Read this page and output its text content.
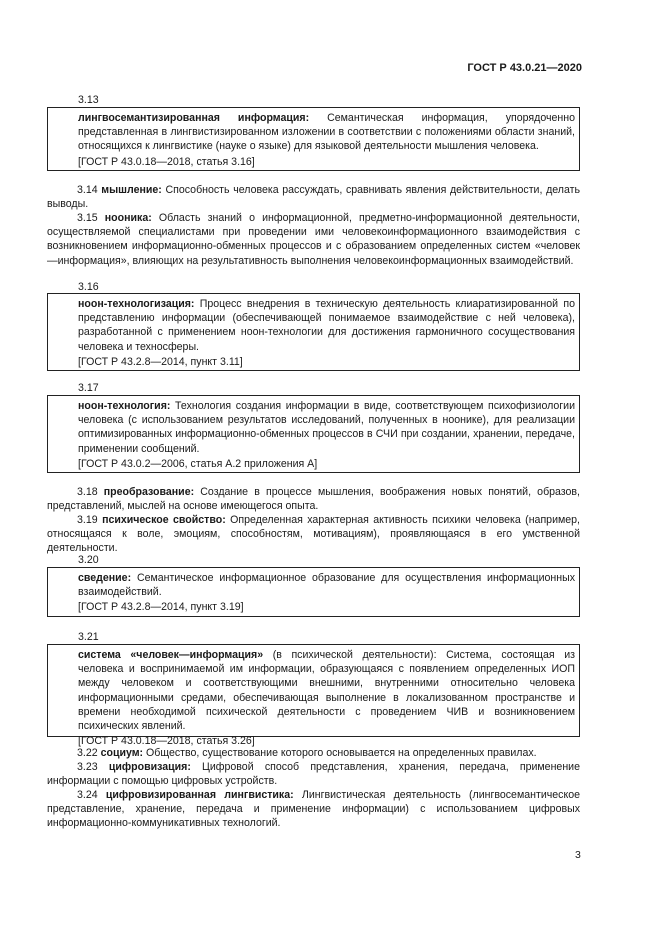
ГОСТ Р 43.0.21—2020
3.13

лингвосемантизированная информация: Семантическая информация, упорядоченно представленная в лингвистизированном изложении в соответствии с положениями области знаний, относящихся к лингвистике (науке о языке) для языковой деятельности мышления человека.

[ГОСТ Р 43.0.18—2018, статья 3.16]

3.14 мышление: Способность человека рассуждать, сравнивать явления действительности, делать выводы.

3.15 нооника: Область знаний о информационной, предметно-информационной деятельности, осуществляемой специалистами при проведении ими человекоинформационного взаимодействия с возникновением информационно-обменных процессов и с образованием определенных систем «человек—информация», влияющих на результативность выполнения человекоинформационных взаимодействий.

3.16

ноон-технологизация: Процесс внедрения в техническую деятельность клиаратизированной по представлению информации (обеспечивающей понимаемое взаимодействие с ней человека), разработанной с применением ноон-технологии для достижения гармоничного сосуществования человека и техносферы.

[ГОСТ Р 43.2.8—2014, пункт 3.11]

3.17

ноон-технология: Технология создания информации в виде, соответствующем психофизиологии человека (с использованием результатов исследований, полученных в ноонике), для реализации оптимизированных информационно-обменных процессов в СЧИ при создании, хранении, передаче, применении сообщений.

[ГОСТ Р 43.0.2—2006, статья А.2 приложения А]

3.18 преобразование: Создание в процессе мышления, воображения новых понятий, образов, представлений, мыслей на основе имеющегося опыта.

3.19 психическое свойство: Определенная характерная активность психики человека (например, относящаяся к воле, эмоциям, способностям, мотивациям), проявляющаяся в его умственной деятельности.

3.20

сведение: Семантическое информационное образование для осуществления информационных взаимодействий.

[ГОСТ Р 43.2.8—2014, пункт 3.19]

3.21

система «человек—информация» (в психической деятельности): Система, состоящая из человека и воспринимаемой им информации, образующаяся с появлением определенных ИОП между человеком и соответствующими внешними, внутренними относительно человека информационными средами, обеспечивающая выполнение в локализованном пространстве и времени необходимой психической деятельности с проведением ЧИВ и возникновением психических явлений.

[ГОСТ Р 43.0.18—2018, статья 3.26]

3.22 социум: Общество, существование которого основывается на определенных правилах.

3.23 цифровизация: Цифровой способ представления, хранения, передача, применение информации с помощью цифровых устройств.

3.24 цифровизированная лингвистика: Лингвистическая деятельность (лингвосемантическое представление, хранение, передача и применение информации) с использованием цифровых информационно-коммуникативных технологий.

3
